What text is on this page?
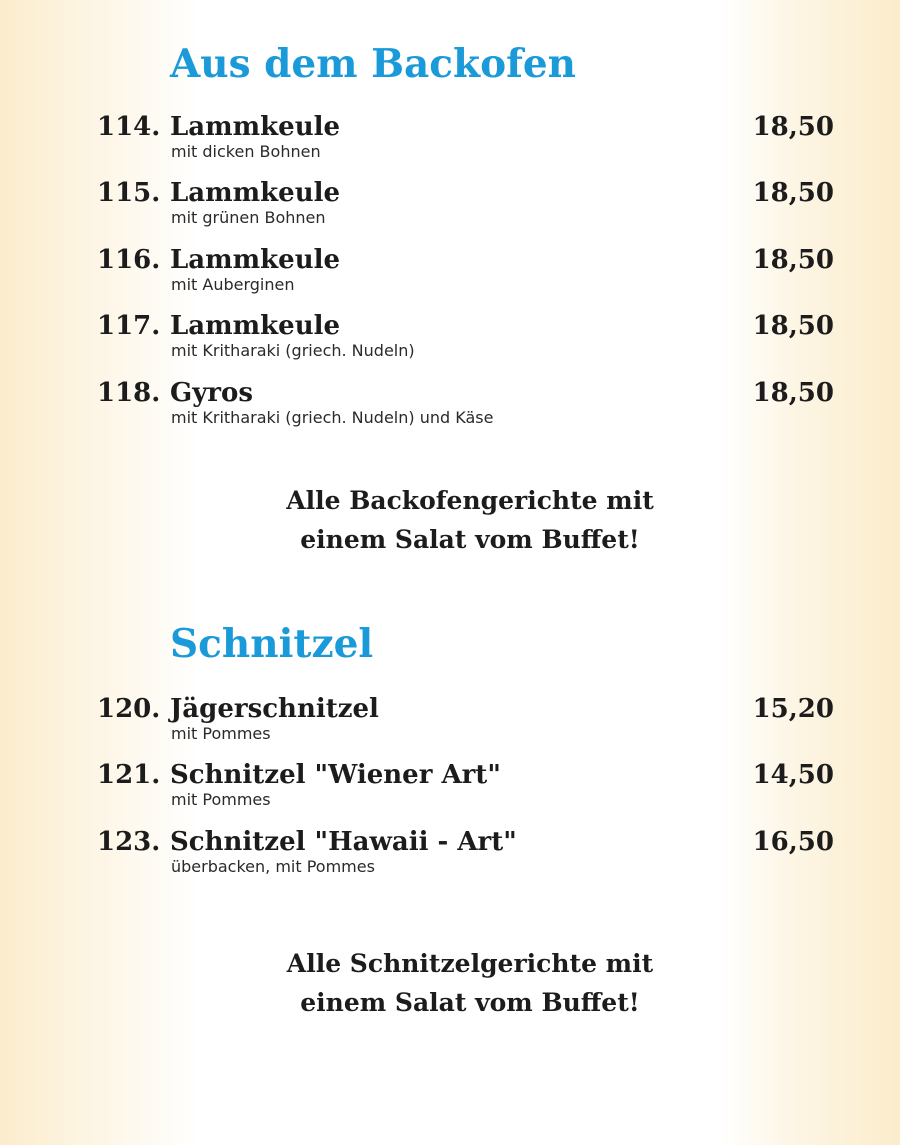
Aus dem Backofen
114. Lammkeule	18,50
mit dicken Bohnen
115. Lammkeule	18,50
mit grünen Bohnen
116. Lammkeule	18,50
mit Auberginen
117. Lammkeule	18,50
mit Kritharaki (griech. Nudeln)
118. Gyros	18,50
mit Kritharaki (griech. Nudeln) und Käse
Alle Backofengerichte mit
einem Salat vom Buffet!
Schnitzel
120. Jägerschnitzel	15,20
mit Pommes
121. Schnitzel "Wiener Art"	14,50
mit Pommes
123. Schnitzel "Hawaii - Art"	16,50
überbacken, mit Pommes
Alle Schnitzelgerichte mit
einem Salat vom Buffet!
